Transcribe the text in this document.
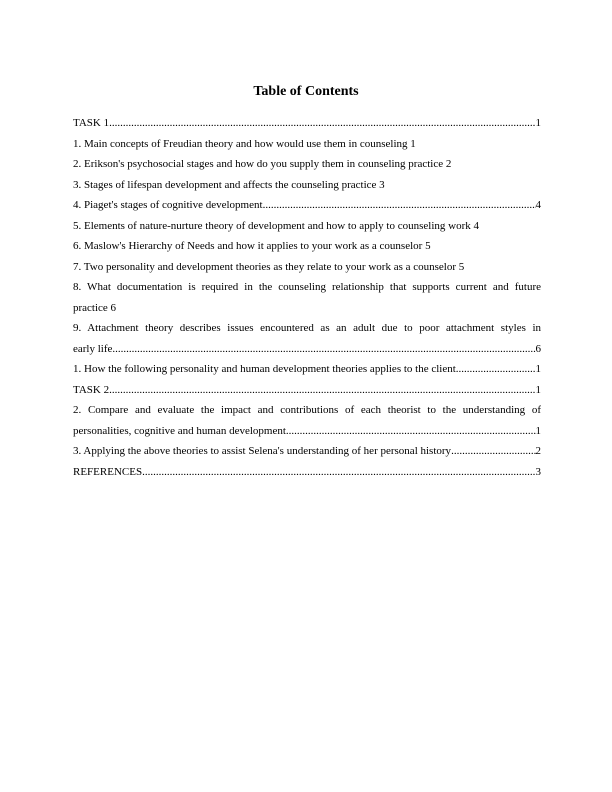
Table of Contents
TASK 1 .....	1
1. Main concepts of Freudian theory and how would use them in counseling 1
2. Erikson's psychosocial stages and how do you supply them in counseling practice 2
3. Stages of lifespan development and affects the counseling practice 3
4. Piaget's stages of cognitive development .....	4
5. Elements of nature-nurture theory of development and how to apply to counseling work 4
6. Maslow's Hierarchy of Needs and how it applies to your work as a counselor 5
7. Two personality and development theories as they relate to your work as a counselor 5
8. What documentation is required in the counseling relationship that supports current and future
practice 6
9. Attachment theory describes issues encountered as an adult due to poor attachment styles in
early life .....	6
1. How the following personality and human development theories applies to the client .....	1
TASK 2 .....	1
2. Compare and evaluate the impact and contributions of each theorist to the understanding of
personalities, cognitive and human development .....	1
3. Applying the above theories to assist Selena's understanding of her personal history .....	2
REFERENCES .....	3
